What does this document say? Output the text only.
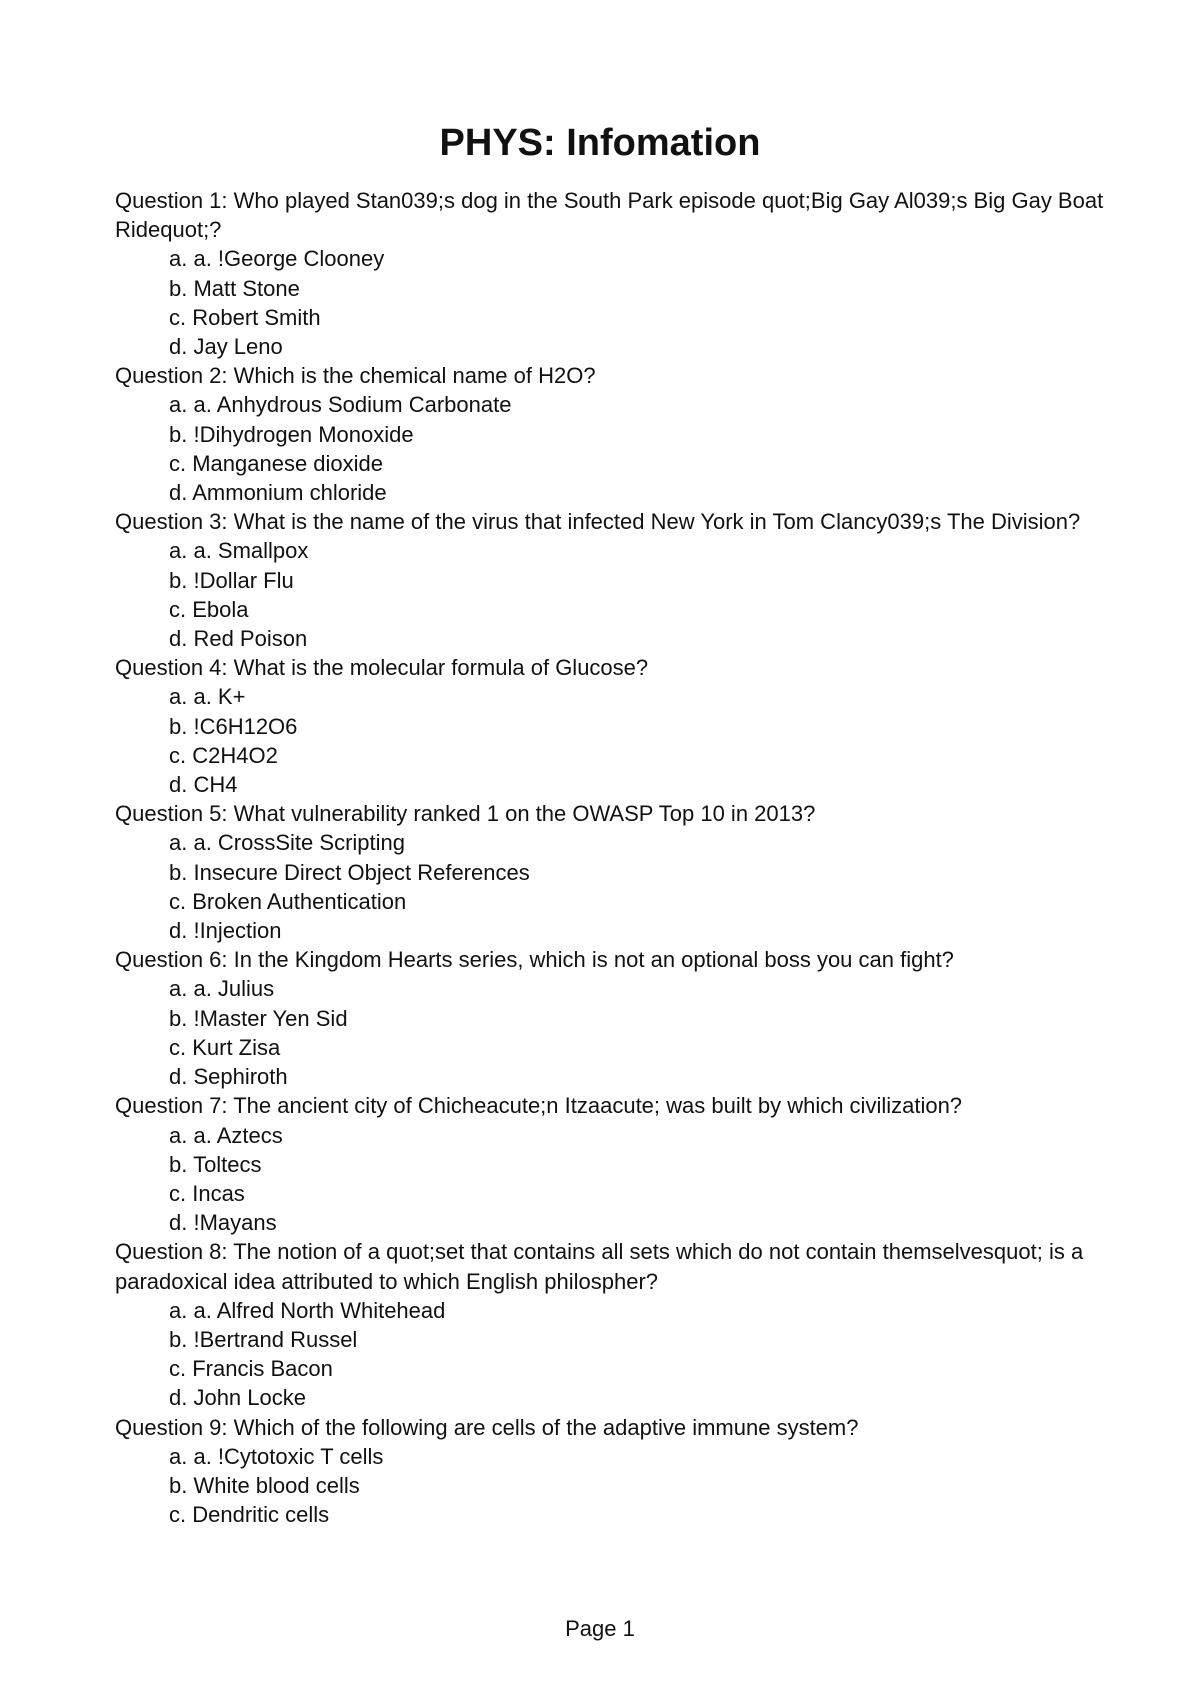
PHYS: Infomation

Question 1: Who played Stan039;s dog in the South Park episode quot;Big Gay Al039;s Big Gay Boat Ridequot;?

a. a. !George Clooney
b. Matt Stone
c. Robert Smith
d. Jay Leno

Question 2: Which is the chemical name of H2O?

a. a. Anhydrous Sodium Carbonate
b. !Dihydrogen Monoxide
c. Manganese dioxide
d. Ammonium chloride

Question 3: What is the name of the virus that infected New York in Tom Clancy039;s The Division?

a. a. Smallpox
b. !Dollar Flu
c. Ebola
d. Red Poison

Question 4: What is the molecular formula of Glucose?

a. a. K+
b. !C6H12O6
c. C2H4O2
d. CH4

Question 5: What vulnerability ranked 1 on the OWASP Top 10 in 2013?

a. a. CrossSite Scripting
b. Insecure Direct Object References
c. Broken Authentication
d. !Injection

Question 6: In the Kingdom Hearts series, which is not an optional boss you can fight?

a. a. Julius
b. !Master Yen Sid
c. Kurt Zisa
d. Sephiroth

Question 7: The ancient city of Chicheacute;n Itzaacute; was built by which civilization?

a. a. Aztecs
b. Toltecs
c. Incas
d. !Mayans

Question 8: The notion of a quot;set that contains all sets which do not contain themselvesquot; is a paradoxical idea attributed to which English philospher?

a. a. Alfred North Whitehead
b. !Bertrand Russel
c. Francis Bacon
d. John Locke

Question 9: Which of the following are cells of the adaptive immune system?

a. a. !Cytotoxic T cells
b. White blood cells
c. Dendritic cells
Page 1
